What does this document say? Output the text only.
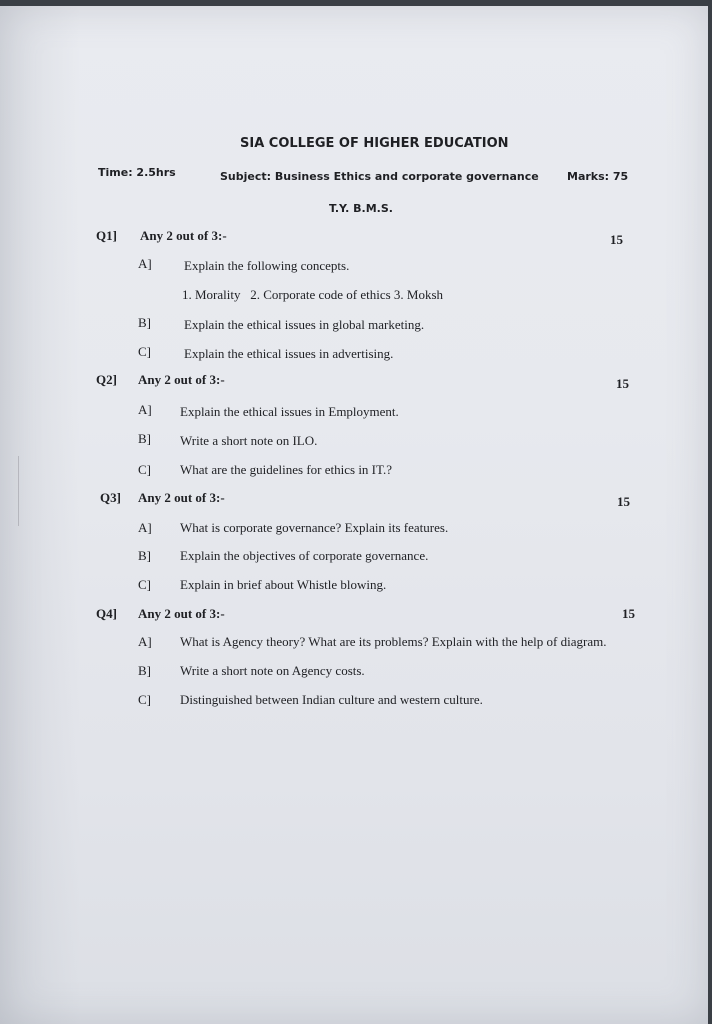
SIA COLLEGE OF HIGHER EDUCATION
Time: 2.5hrs	Subject: Business Ethics and corporate governance	Marks: 75
T.Y. B.M.S.
Q1] Any 2 out of 3:-	15
A] Explain the following concepts.
1. Morality   2. Corporate code of ethics 3. Moksh
B]	Explain the ethical issues in global marketing.
C]	Explain the ethical issues in advertising.
Q2] Any 2 out of 3:-	15
A] Explain the ethical issues in Employment.
B] Write a short note on ILO.
C] What are the guidelines for ethics in IT.?
Q3] Any 2 out of 3:-	15
A] What is corporate governance? Explain its features.
B] Explain the objectives of corporate governance.
C] Explain in brief about Whistle blowing.
Q4] Any 2 out of 3:-	15
A] What is Agency theory? What are its problems? Explain with the help of diagram.
B] Write a short note on Agency costs.
C] Distinguished between Indian culture and western culture.
